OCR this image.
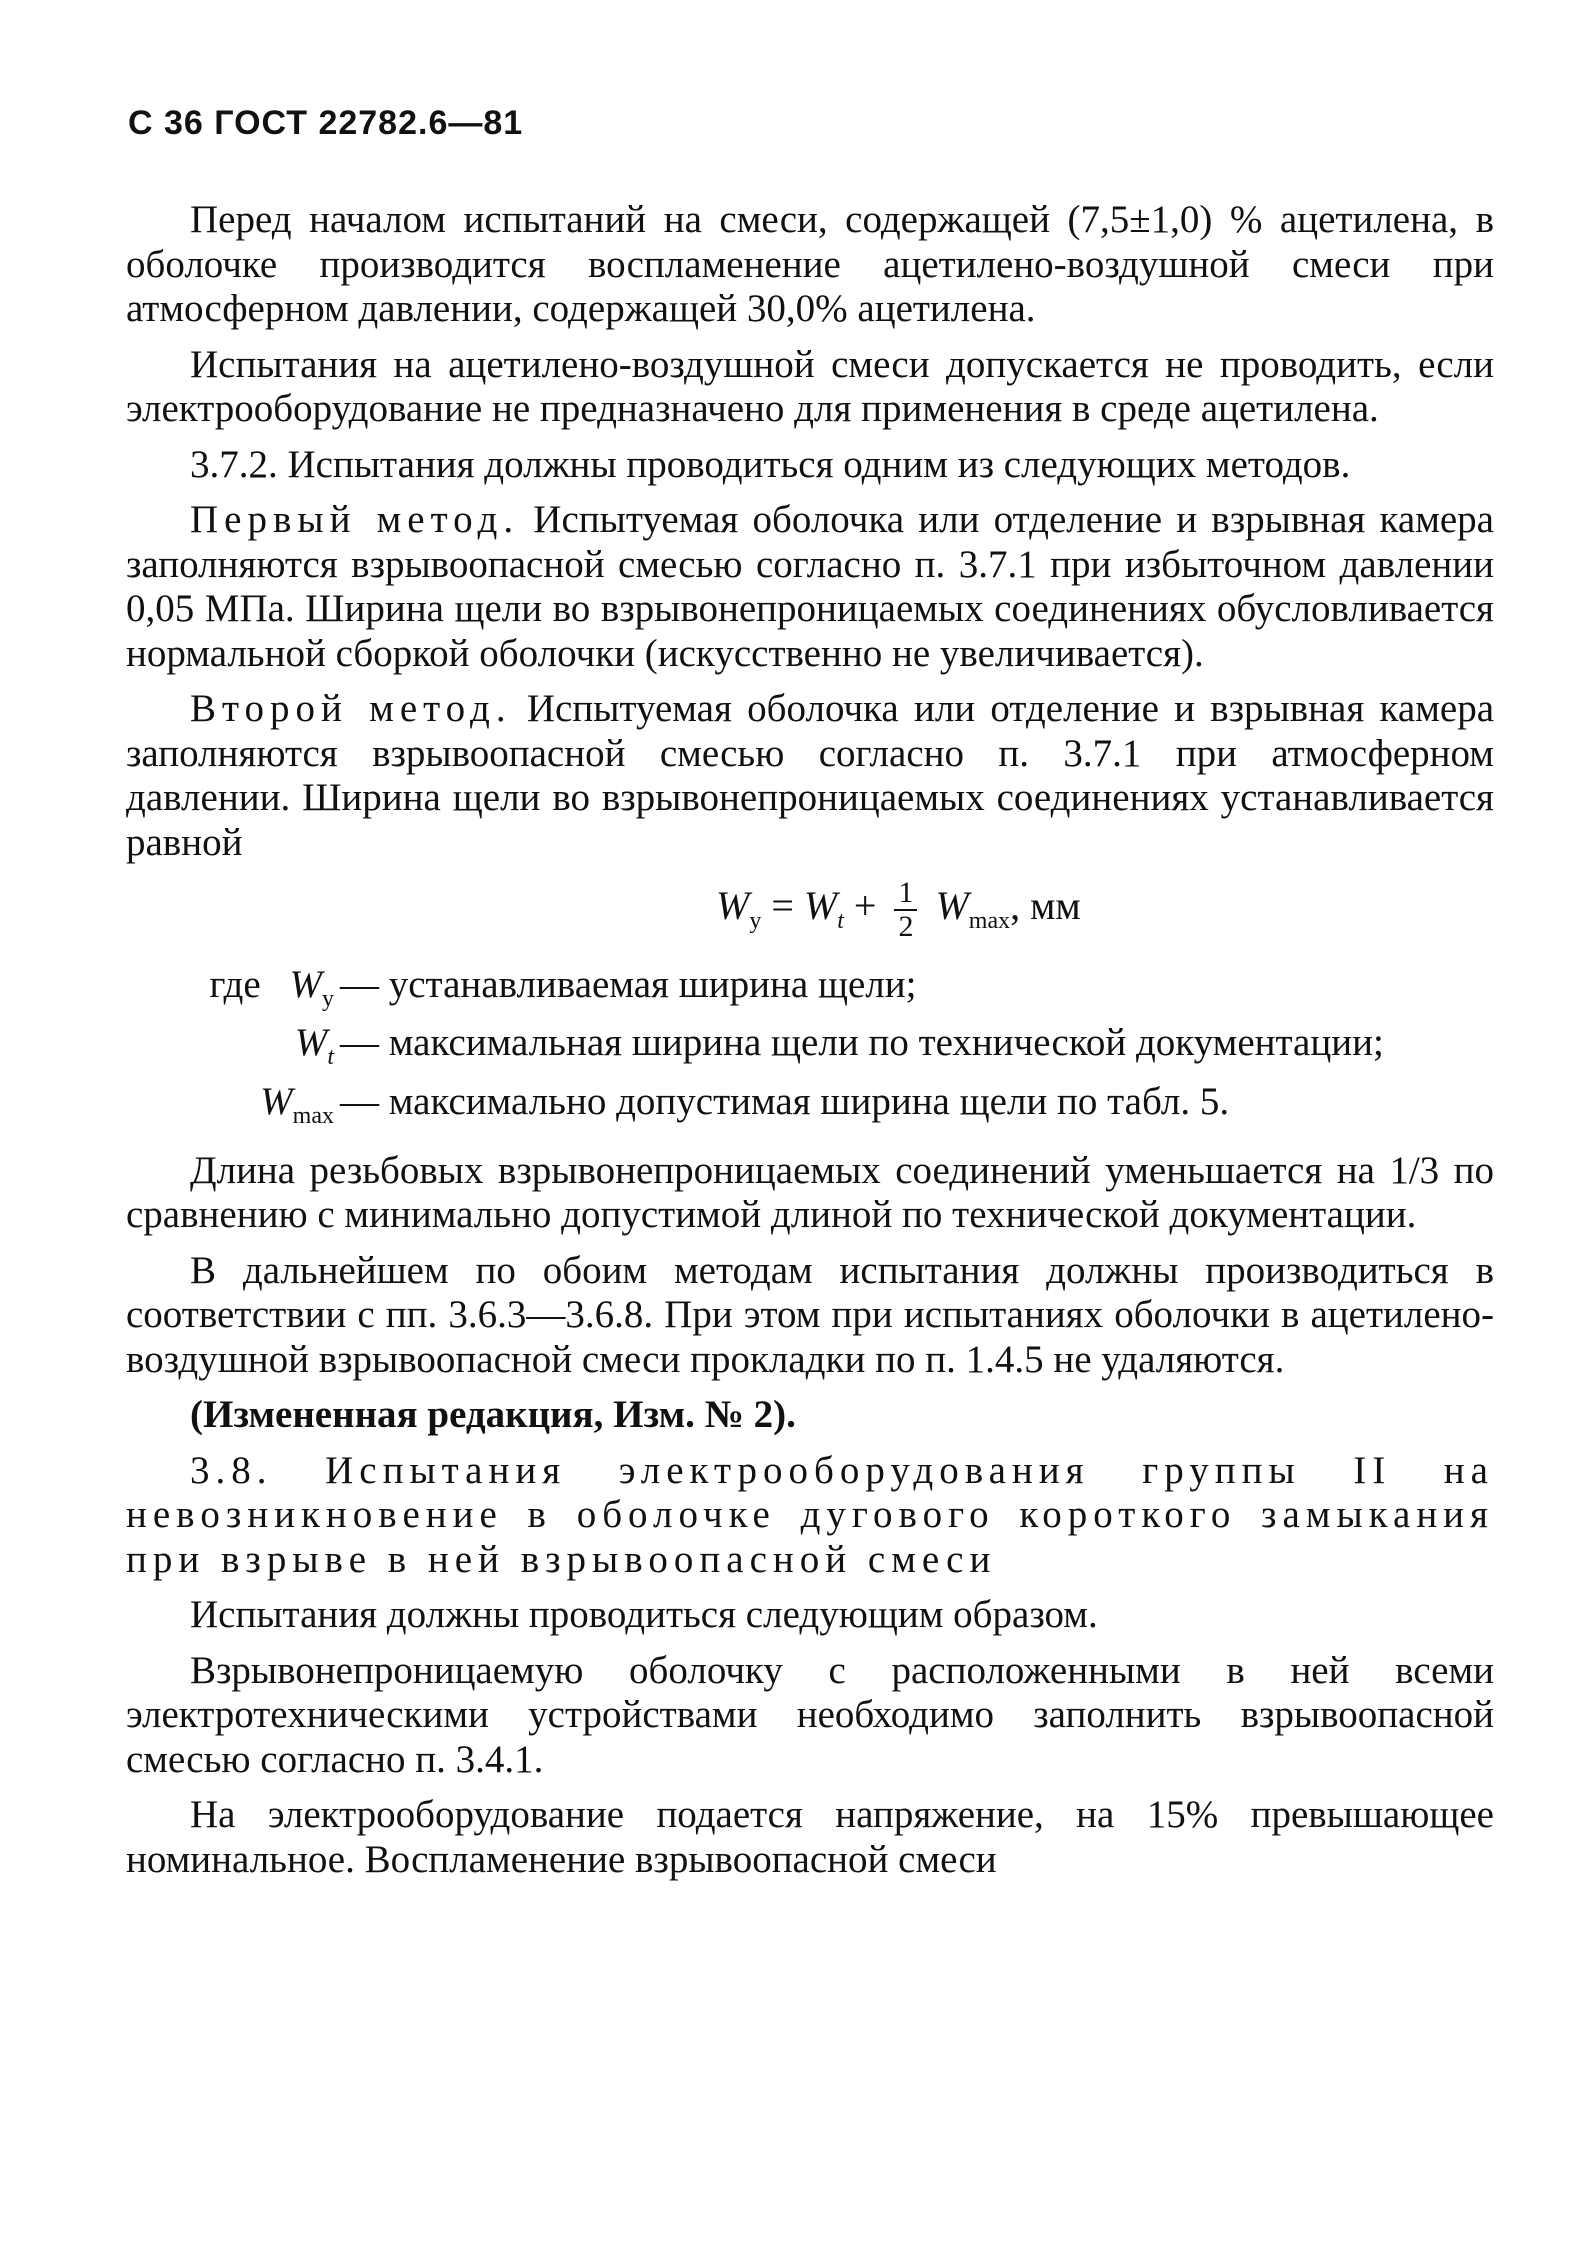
С 36 ГОСТ 22782.6—81

Перед началом испытаний на смеси, содержащей (7,5±1,0) % ацетилена, в оболочке производится воспламенение ацетилено-воздушной смеси при атмосферном давлении, содержащей 30,0% ацетилена.

Испытания на ацетилено-воздушной смеси допускается не проводить, если электрооборудование не предназначено для применения в среде ацетилена.

3.7.2. Испытания должны проводиться одним из следующих методов.

Первый метод. Испытуемая оболочка или отделение и взрывная камера заполняются взрывоопасной смесью согласно п. 3.7.1 при избыточном давлении 0,05 МПа. Ширина щели во взрывонепроницаемых соединениях обусловливается нормальной сборкой оболочки (искусственно не увеличивается).

Второй метод. Испытуемая оболочка или отделение и взрывная камера заполняются взрывоопасной смесью согласно п. 3.7.1 при атмосферном давлении. Ширина щели во взрывонепроницаемых соединениях устанавливается равной

$W_у = W_t + \frac{1}{2} W_{max}$, мм
где $W_у$ — устанавливаемая ширина щели;
$W_t$ — максимальная ширина щели по технической документации;
$W_{max}$ — максимально допустимая ширина щели по табл. 5.

Длина резьбовых взрывонепроницаемых соединений уменьшается на 1/3 по сравнению с минимально допустимой длиной по технической документации.

В дальнейшем по обоим методам испытания должны производиться в соответствии с пп. 3.6.3—3.6.8. При этом при испытаниях оболочки в ацетилено-воздушной взрывоопасной смеси прокладки по п. 1.4.5 не удаляются.

(Измененная редакция, Изм. № 2).

3.8. Испытания электрооборудования группы II на невозникновение в оболочке дугового короткого замыкания при взрыве в ней взрывоопасной смеси

Испытания должны проводиться следующим образом.

Взрывонепроницаемую оболочку с расположенными в ней всеми электротехническими устройствами необходимо заполнить взрывоопасной смесью согласно п. 3.4.1.

На электрооборудование подается напряжение, на 15% превышающее номинальное. Воспламенение взрывоопасной смеси
